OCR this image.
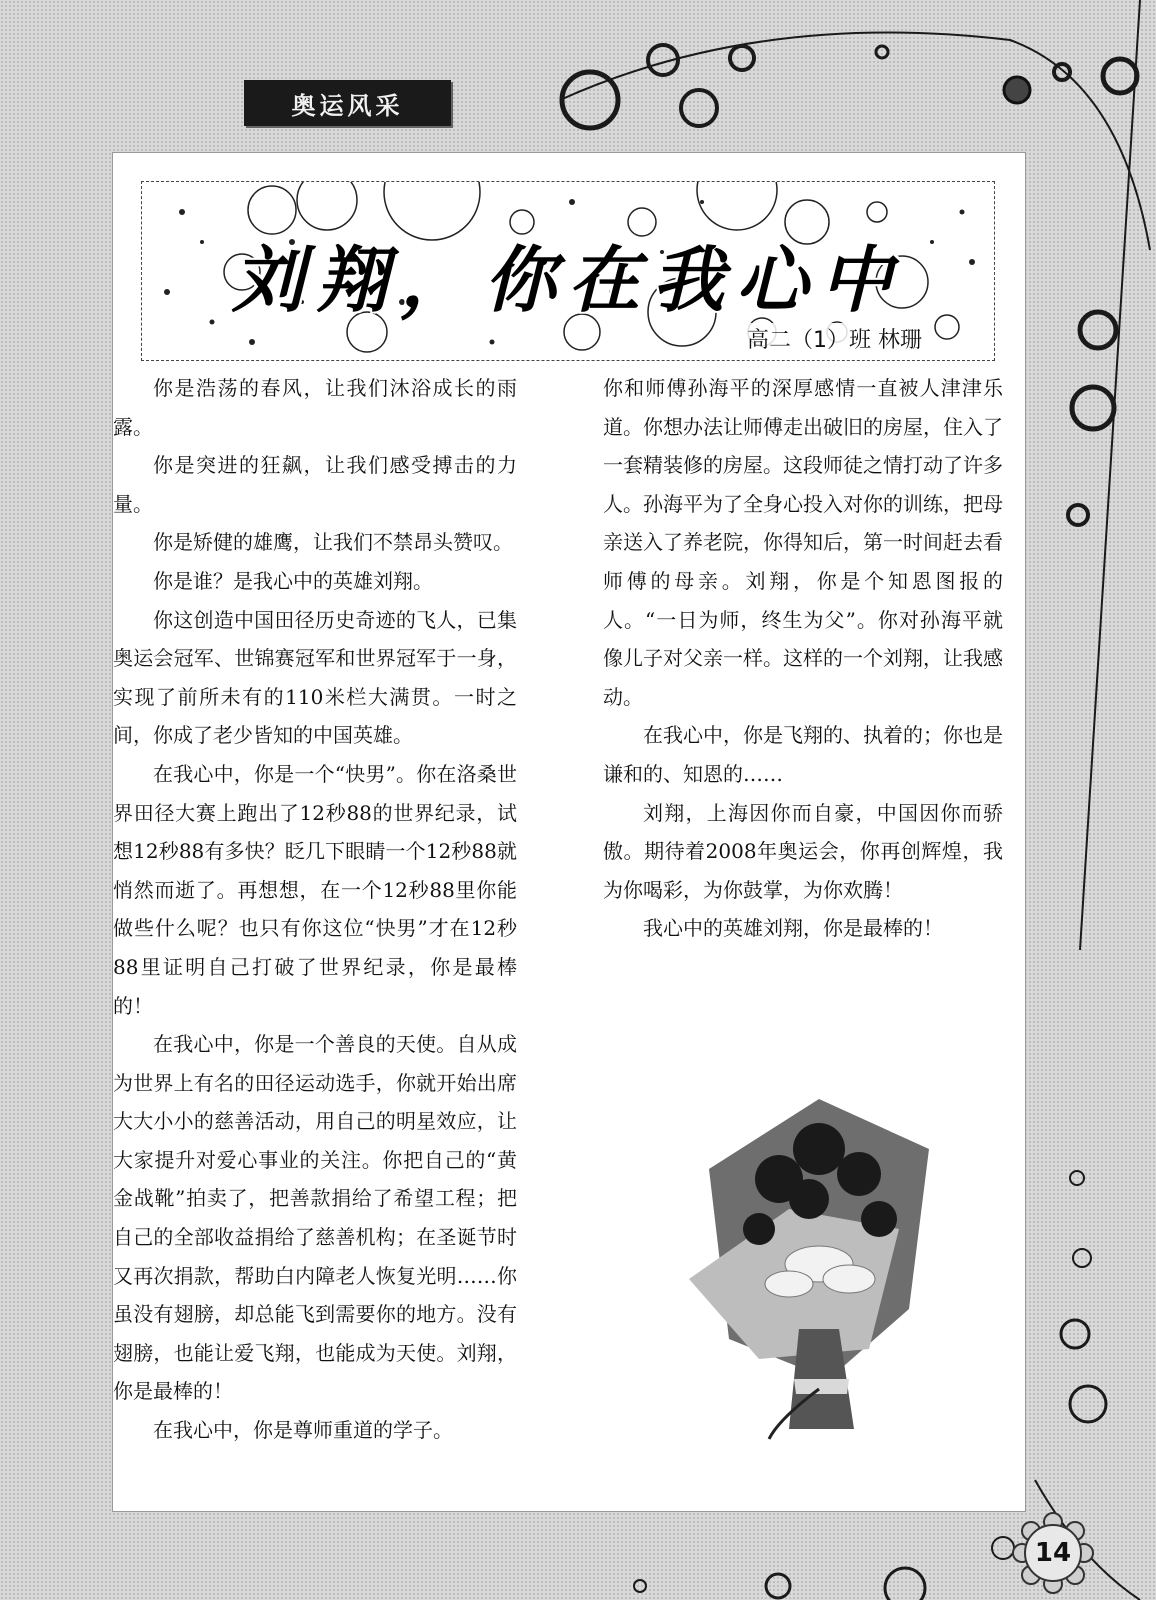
奥运风采
刘翔，你在我心中
高二（1）班 林珊

你是浩荡的春风，让我们沐浴成长的雨露。

你是突进的狂飙，让我们感受搏击的力量。

你是矫健的雄鹰，让我们不禁昂头赞叹。

你是谁？是我心中的英雄刘翔。

你这创造中国田径历史奇迹的飞人，已集奥运会冠军、世锦赛冠军和世界冠军于一身，实现了前所未有的110米栏大满贯。一时之间，你成了老少皆知的中国英雄。

在我心中，你是一个“快男”。你在洛桑世界田径大赛上跑出了12秒88的世界纪录，试想12秒88有多快？眨几下眼睛一个12秒88就悄然而逝了。再想想，在一个12秒88里你能做些什么呢？也只有你这位“快男”才在12秒88里证明自己打破了世界纪录，你是最棒的！

在我心中，你是一个善良的天使。自从成为世界上有名的田径运动选手，你就开始出席大大小小的慈善活动，用自己的明星效应，让大家提升对爱心事业的关注。你把自己的“黄金战靴”拍卖了，把善款捐给了希望工程；把自己的全部收益捐给了慈善机构；在圣诞节时又再次捐款，帮助白内障老人恢复光明……你虽没有翅膀，却总能飞到需要你的地方。没有翅膀，也能让爱飞翔，也能成为天使。刘翔，你是最棒的！

在我心中，你是尊师重道的学子。

你和师傅孙海平的深厚感情一直被人津津乐道。你想办法让师傅走出破旧的房屋，住入了一套精装修的房屋。这段师徒之情打动了许多人。孙海平为了全身心投入对你的训练，把母亲送入了养老院，你得知后，第一时间赶去看师傅的母亲。刘翔，你是个知恩图报的人。“一日为师，终生为父”。你对孙海平就像儿子对父亲一样。这样的一个刘翔，让我感动。

在我心中，你是飞翔的、执着的；你也是谦和的、知恩的……

刘翔，上海因你而自豪，中国因你而骄傲。期待着2008年奥运会，你再创辉煌，我为你喝彩，为你鼓掌，为你欢腾！

我心中的英雄刘翔，你是最棒的！

14
